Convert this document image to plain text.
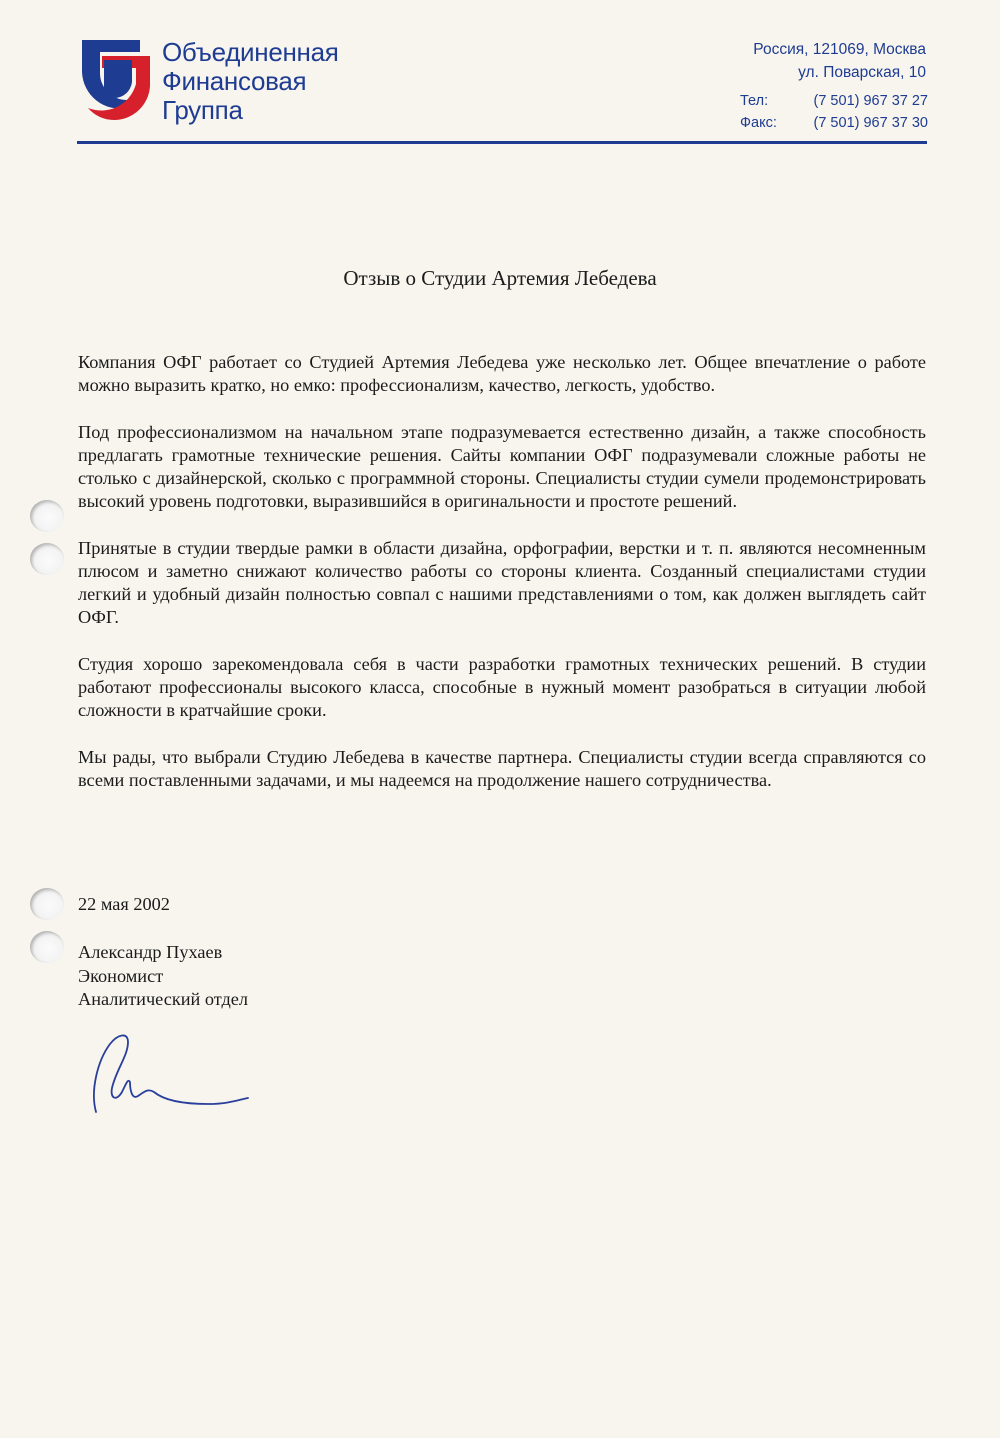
Объединенная
Финансовая
Группа
Россия, 121069, Москва
ул. Поварская, 10
Тел:	(7 501) 967 37 27
Факс:	(7 501) 967 37 30
Отзыв о Студии Артемия Лебедева

Компания ОФГ работает со Студией Артемия Лебедева уже несколько лет. Общее впечатление о работе можно выразить кратко, но емко: профессионализм, качество, легкость, удобство.

Под профессионализмом на начальном этапе подразумевается естественно дизайн, а также способность предлагать грамотные технические решения. Сайты компании ОФГ подразумевали сложные работы не столько с дизайнерской, сколько с программной стороны. Специалисты студии сумели продемонстрировать высокий уровень подготовки, выразившийся в оригинальности и простоте решений.

Принятые в студии твердые рамки в области дизайна, орфографии, верстки и т. п. являются несомненным плюсом и заметно снижают количество работы со стороны клиента. Созданный специалистами студии легкий и удобный дизайн полностью совпал с нашими представлениями о том, как должен выглядеть сайт ОФГ.

Студия хорошо зарекомендовала себя в части разработки грамотных технических решений. В студии работают профессионалы высокого класса, способные в нужный момент разобраться в ситуации любой сложности в кратчайшие сроки.

Мы рады, что выбрали Студию Лебедева в качестве партнера. Специалисты студии всегда справляются со всеми поставленными задачами, и мы надеемся на продолжение нашего сотрудничества.

22 мая 2002
Александр Пухаев
Экономист
Аналитический отдел
